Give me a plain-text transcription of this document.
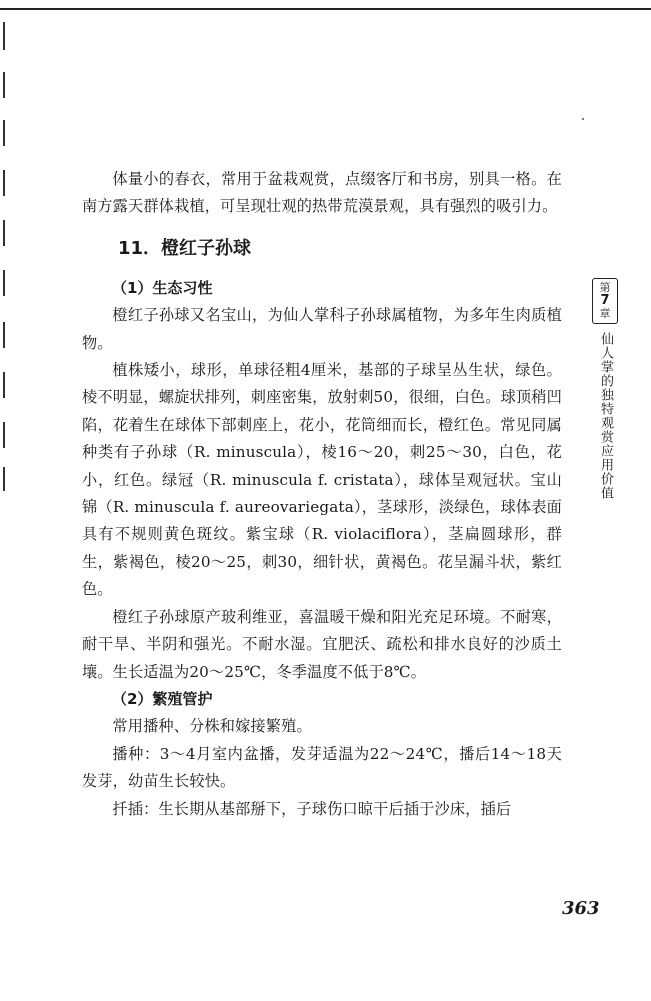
体量小的春衣，常用于盆栽观赏，点缀客厅和书房，别具一格。在南方露天群体栽植，可呈现壮观的热带荒漠景观，具有强烈的吸引力。

11．橙红子孙球

（1）生态习性

橙红子孙球又名宝山，为仙人掌科子孙球属植物，为多年生肉质植物。

植株矮小，球形，单球径粗4厘米，基部的子球呈丛生状，绿色。棱不明显，螺旋状排列，刺座密集，放射刺50，很细，白色。球顶稍凹陷，花着生在球体下部刺座上，花小，花筒细而长，橙红色。常见同属种类有子孙球（R. minuscula），棱16～20，刺25～30，白色，花小，红色。绿冠（R. minuscula f. cristata），球体呈观冠状。宝山锦（R. minuscula f. aureovariegata），茎球形，淡绿色，球体表面具有不规则黄色斑纹。紫宝球（R. violaciflora），茎扁圆球形，群生，紫褐色，棱20～25，刺30，细针状，黄褐色。花呈漏斗状，紫红色。

橙红子孙球原产玻利维亚，喜温暖干燥和阳光充足环境。不耐寒，耐干旱、半阴和强光。不耐水湿。宜肥沃、疏松和排水良好的沙质土壤。生长适温为20～25℃，冬季温度不低于8℃。

（2）繁殖管护

常用播种、分株和嫁接繁殖。

播种：3～4月室内盆播，发芽适温为22～24℃，播后14～18天发芽，幼苗生长较快。

扦插：生长期从基部掰下，子球伤口晾干后插于沙床，插后

第
7
章
仙人掌的独特观赏应用价值
363
